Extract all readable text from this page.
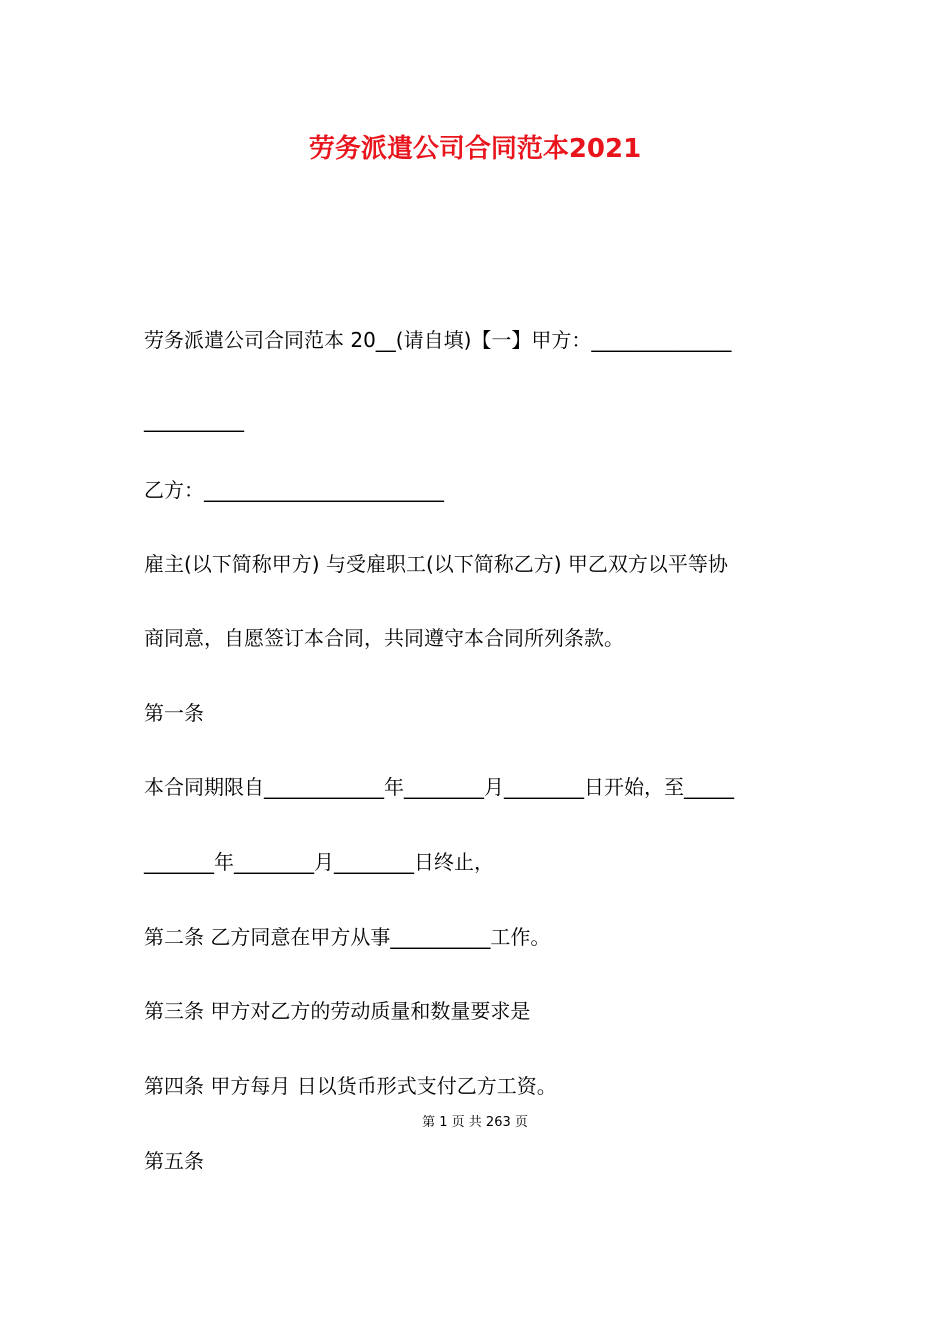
劳务派遣公司合同范本2021
劳务派遣公司合同范本 20__(请自填)【一】甲方：______________
__________
乙方：________________________
雇主(以下简称甲方) 与受雇职工(以下简称乙方) 甲乙双方以平等协
商同意，自愿签订本合同，共同遵守本合同所列条款。
第一条
本合同期限自____________年________月________日开始，至_____
_______年________月________日终止，
第二条 乙方同意在甲方从事__________工作。
第三条 甲方对乙方的劳动质量和数量要求是
第四条 甲方每月 日以货币形式支付乙方工资。
第 1 页 共 263 页
第五条
